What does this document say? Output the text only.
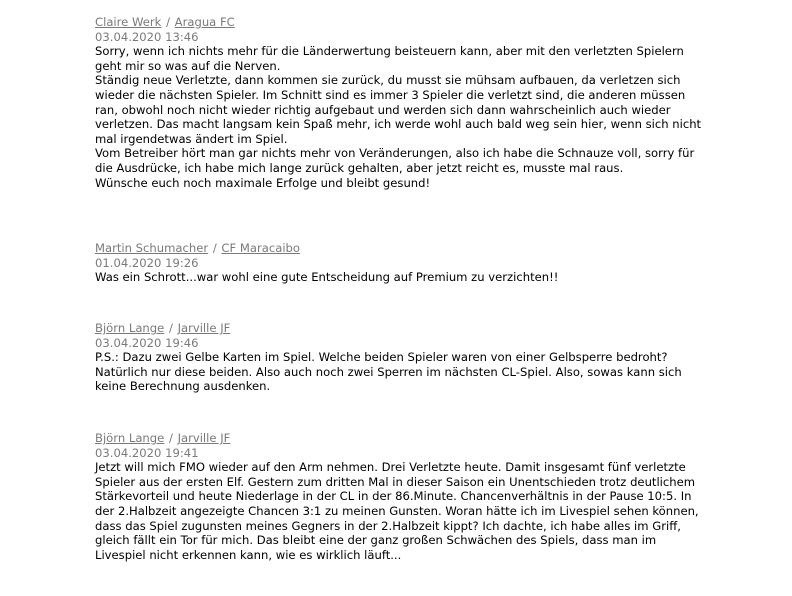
Claire Werk / Aragua FC
03.04.2020 13:46

Sorry, wenn ich nichts mehr für die Länderwertung beisteuern kann, aber mit den verletzten Spielern geht mir so was auf die Nerven.

Ständig neue Verletzte, dann kommen sie zurück, du musst sie mühsam aufbauen, da verletzen sich wieder die nächsten Spieler. Im Schnitt sind es immer 3 Spieler die verletzt sind, die anderen müssen ran, obwohl noch nicht wieder richtig aufgebaut und werden sich dann wahrscheinlich auch wieder verletzen. Das macht langsam kein Spaß mehr, ich werde wohl auch bald weg sein hier, wenn sich nicht mal irgendetwas ändert im Spiel.

Vom Betreiber hört man gar nichts mehr von Veränderungen, also ich habe die Schnauze voll, sorry für die Ausdrücke, ich habe mich lange zurück gehalten, aber jetzt reicht es, musste mal raus.

Wünsche euch noch maximale Erfolge und bleibt gesund!

Martin Schumacher / CF Maracaibo
01.04.2020 19:26

Was ein Schrott...war wohl eine gute Entscheidung auf Premium zu verzichten!!

Björn Lange / Jarville JF
03.04.2020 19:46

P.S.: Dazu zwei Gelbe Karten im Spiel. Welche beiden Spieler waren von einer Gelbsperre bedroht? Natürlich nur diese beiden. Also auch noch zwei Sperren im nächsten CL-Spiel. Also, sowas kann sich keine Berechnung ausdenken.

Björn Lange / Jarville JF
03.04.2020 19:41

Jetzt will mich FMO wieder auf den Arm nehmen. Drei Verletzte heute. Damit insgesamt fünf verletzte Spieler aus der ersten Elf. Gestern zum dritten Mal in dieser Saison ein Unentschieden trotz deutlichem Stärkevorteil und heute Niederlage in der CL in der 86.Minute. Chancenverhältnis in der Pause 10:5. In der 2.Halbzeit angezeigte Chancen 3:1 zu meinen Gunsten. Woran hätte ich im Livespiel sehen können, dass das Spiel zugunsten meines Gegners in der 2.Halbzeit kippt? Ich dachte, ich habe alles im Griff, gleich fällt ein Tor für mich. Das bleibt eine der ganz großen Schwächen des Spiels, dass man im Livespiel nicht erkennen kann, wie es wirklich läuft...
